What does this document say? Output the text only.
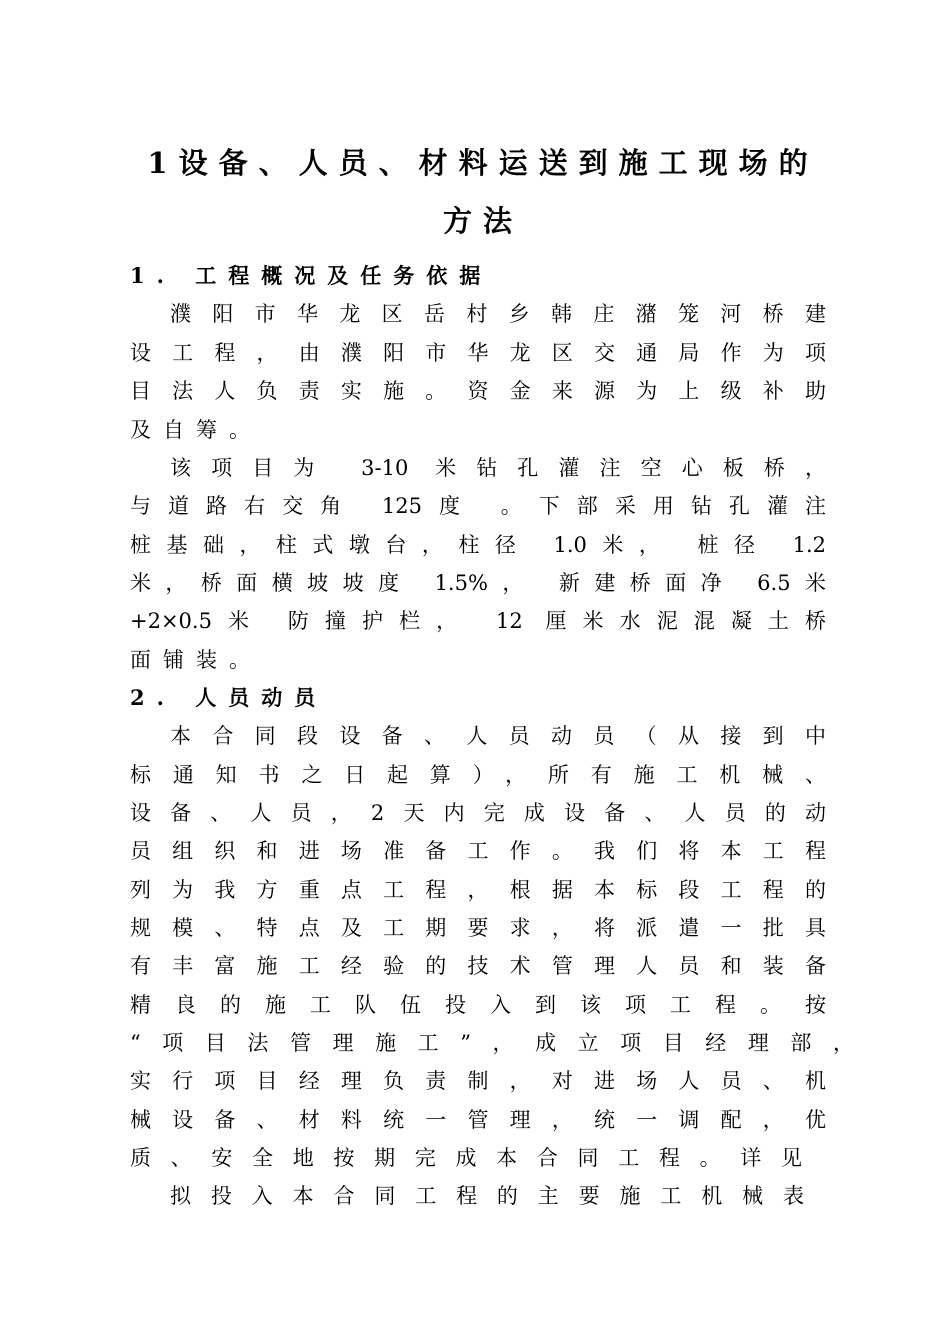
1设备、人员、材料运送到施工现场的
方法
1. 工程概况及任务依据
濮阳市华龙区岳村乡韩庄潴笼河桥建
设工程，由濮阳市华龙区交通局作为项
目法人负责实施。资金来源为上级补助
及自筹。
该项目为 3-10 米钻孔灌注空心板桥，
与道路右交角 125度 。下部采用钻孔灌注
桩基础，柱式墩台，柱径 1.0米， 桩径 1.2
米，桥面横坡坡度 1.5%， 新建桥面净 6.5米
+2×0.5米 防撞护栏， 12 厘米水泥混凝土桥
面铺装。
2. 人员动员
本合同段设备、人员动员（从接到中
标通知书之日起算），所有施工机械、
设备、人员，2天内完成设备、人员的动
员组织和进场准备工作。我们将本工程
列为我方重点工程，根据本标段工程的
规模、特点及工期要求，将派遣一批具
有丰富施工经验的技术管理人员和装备
精良的施工队伍投入到该项工程。按
“项目法管理施工”，成立项目经理部，
实行项目经理负责制，对进场人员、机
械设备、材料统一管理，统一调配，优
质、安全地按期完成本合同工程。详见
拟投入本合同工程的主要施工机械表
